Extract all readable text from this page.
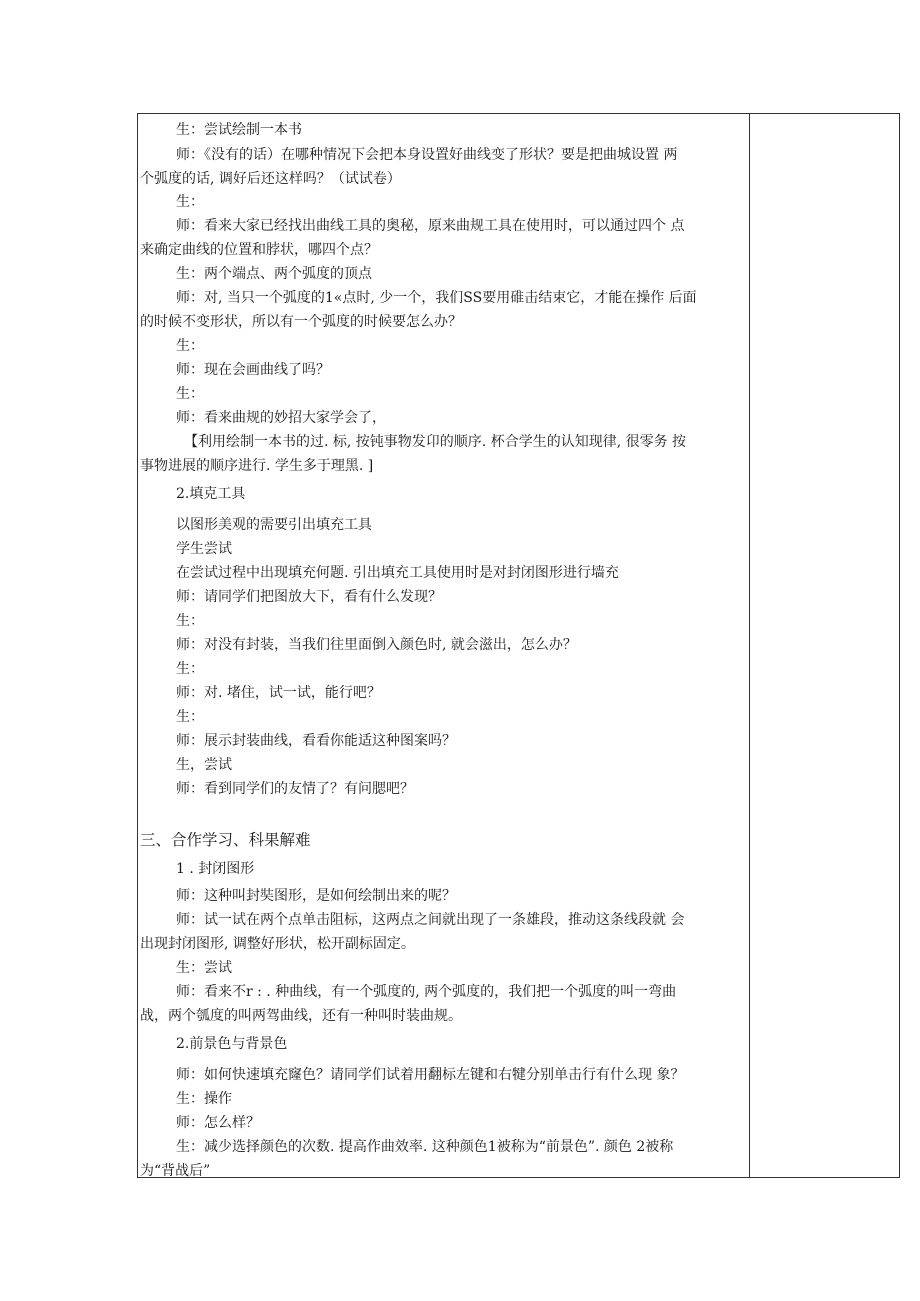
生：尝试绘制一本书
师：《没有的话）在哪种情况下会把本身设置好曲线变了形状？要是把曲城设置 两
个弧度的话, 调好后还这样吗？（试试卷）
生：
师：看来大家已经找出曲线工具的奥秘，原来曲规工具在使用时，可以通过四个 点
来确定曲线的位置和脖状，哪四个点？
生：两个端点、两个弧度的顶点
师：对, 当只一个弧度的1«点时, 少一个，我们SS要用碓击结束它，才能在操作 后面
的时候不变形状，所以有一个弧度的时候要怎么办？
生：
师：现在会画曲线了吗？
生：
师：看来曲规的妙招大家学会了，
【利用绘制一本书的过. 标, 按钝事物发卬的顺序. 杯合学生的认知现律, 很零务 按
事物进展的顺序进行. 学生多于理黑. ]
2.填克工具
以图形美观的需要引出填充工具
学生尝试
在尝试过程中出现填充何题. 引出填充工具使用时是对封闭图形进行墙充
师：请同学们把图放大下，看有什么发现？
生：
师：对没有封装，当我们往里面倒入颜色时, 就会滋出，怎么办？
生：
师：对. 堵住，试一试，能行吧？
生：
师：展示封装曲线，看看你能适这种图案吗？
生，尝试
师：看到同学们的友情了？有问腮吧？
三、合作学习、科果解难
1 . 封闭图形
师：这种叫封奘图形，是如何绘制出来的呢？
师：试一试在两个点单击阻标，这两点之间就出现了一条雄段，推动这条线段就 会
出现封闭图形, 调整好形状，松开副标固定。
生：尝试
师：看来不r : . 种曲线，有一个弧度的, 两个弧度的，我们把一个弧度的叫一弯曲
战，两个瓠度的叫两驾曲线，还有一种叫时装曲规。
2.前景色与背景色
师：如何快速填充窿色？请同学们试着用翻标左键和右犍分别单击行有什么现 象？
生：操作
师：怎么样？
生：减少选择颜色的次数. 提高作曲效率. 这种颜色1被称为“前景色”. 颜色 2被称
为“背战后”
